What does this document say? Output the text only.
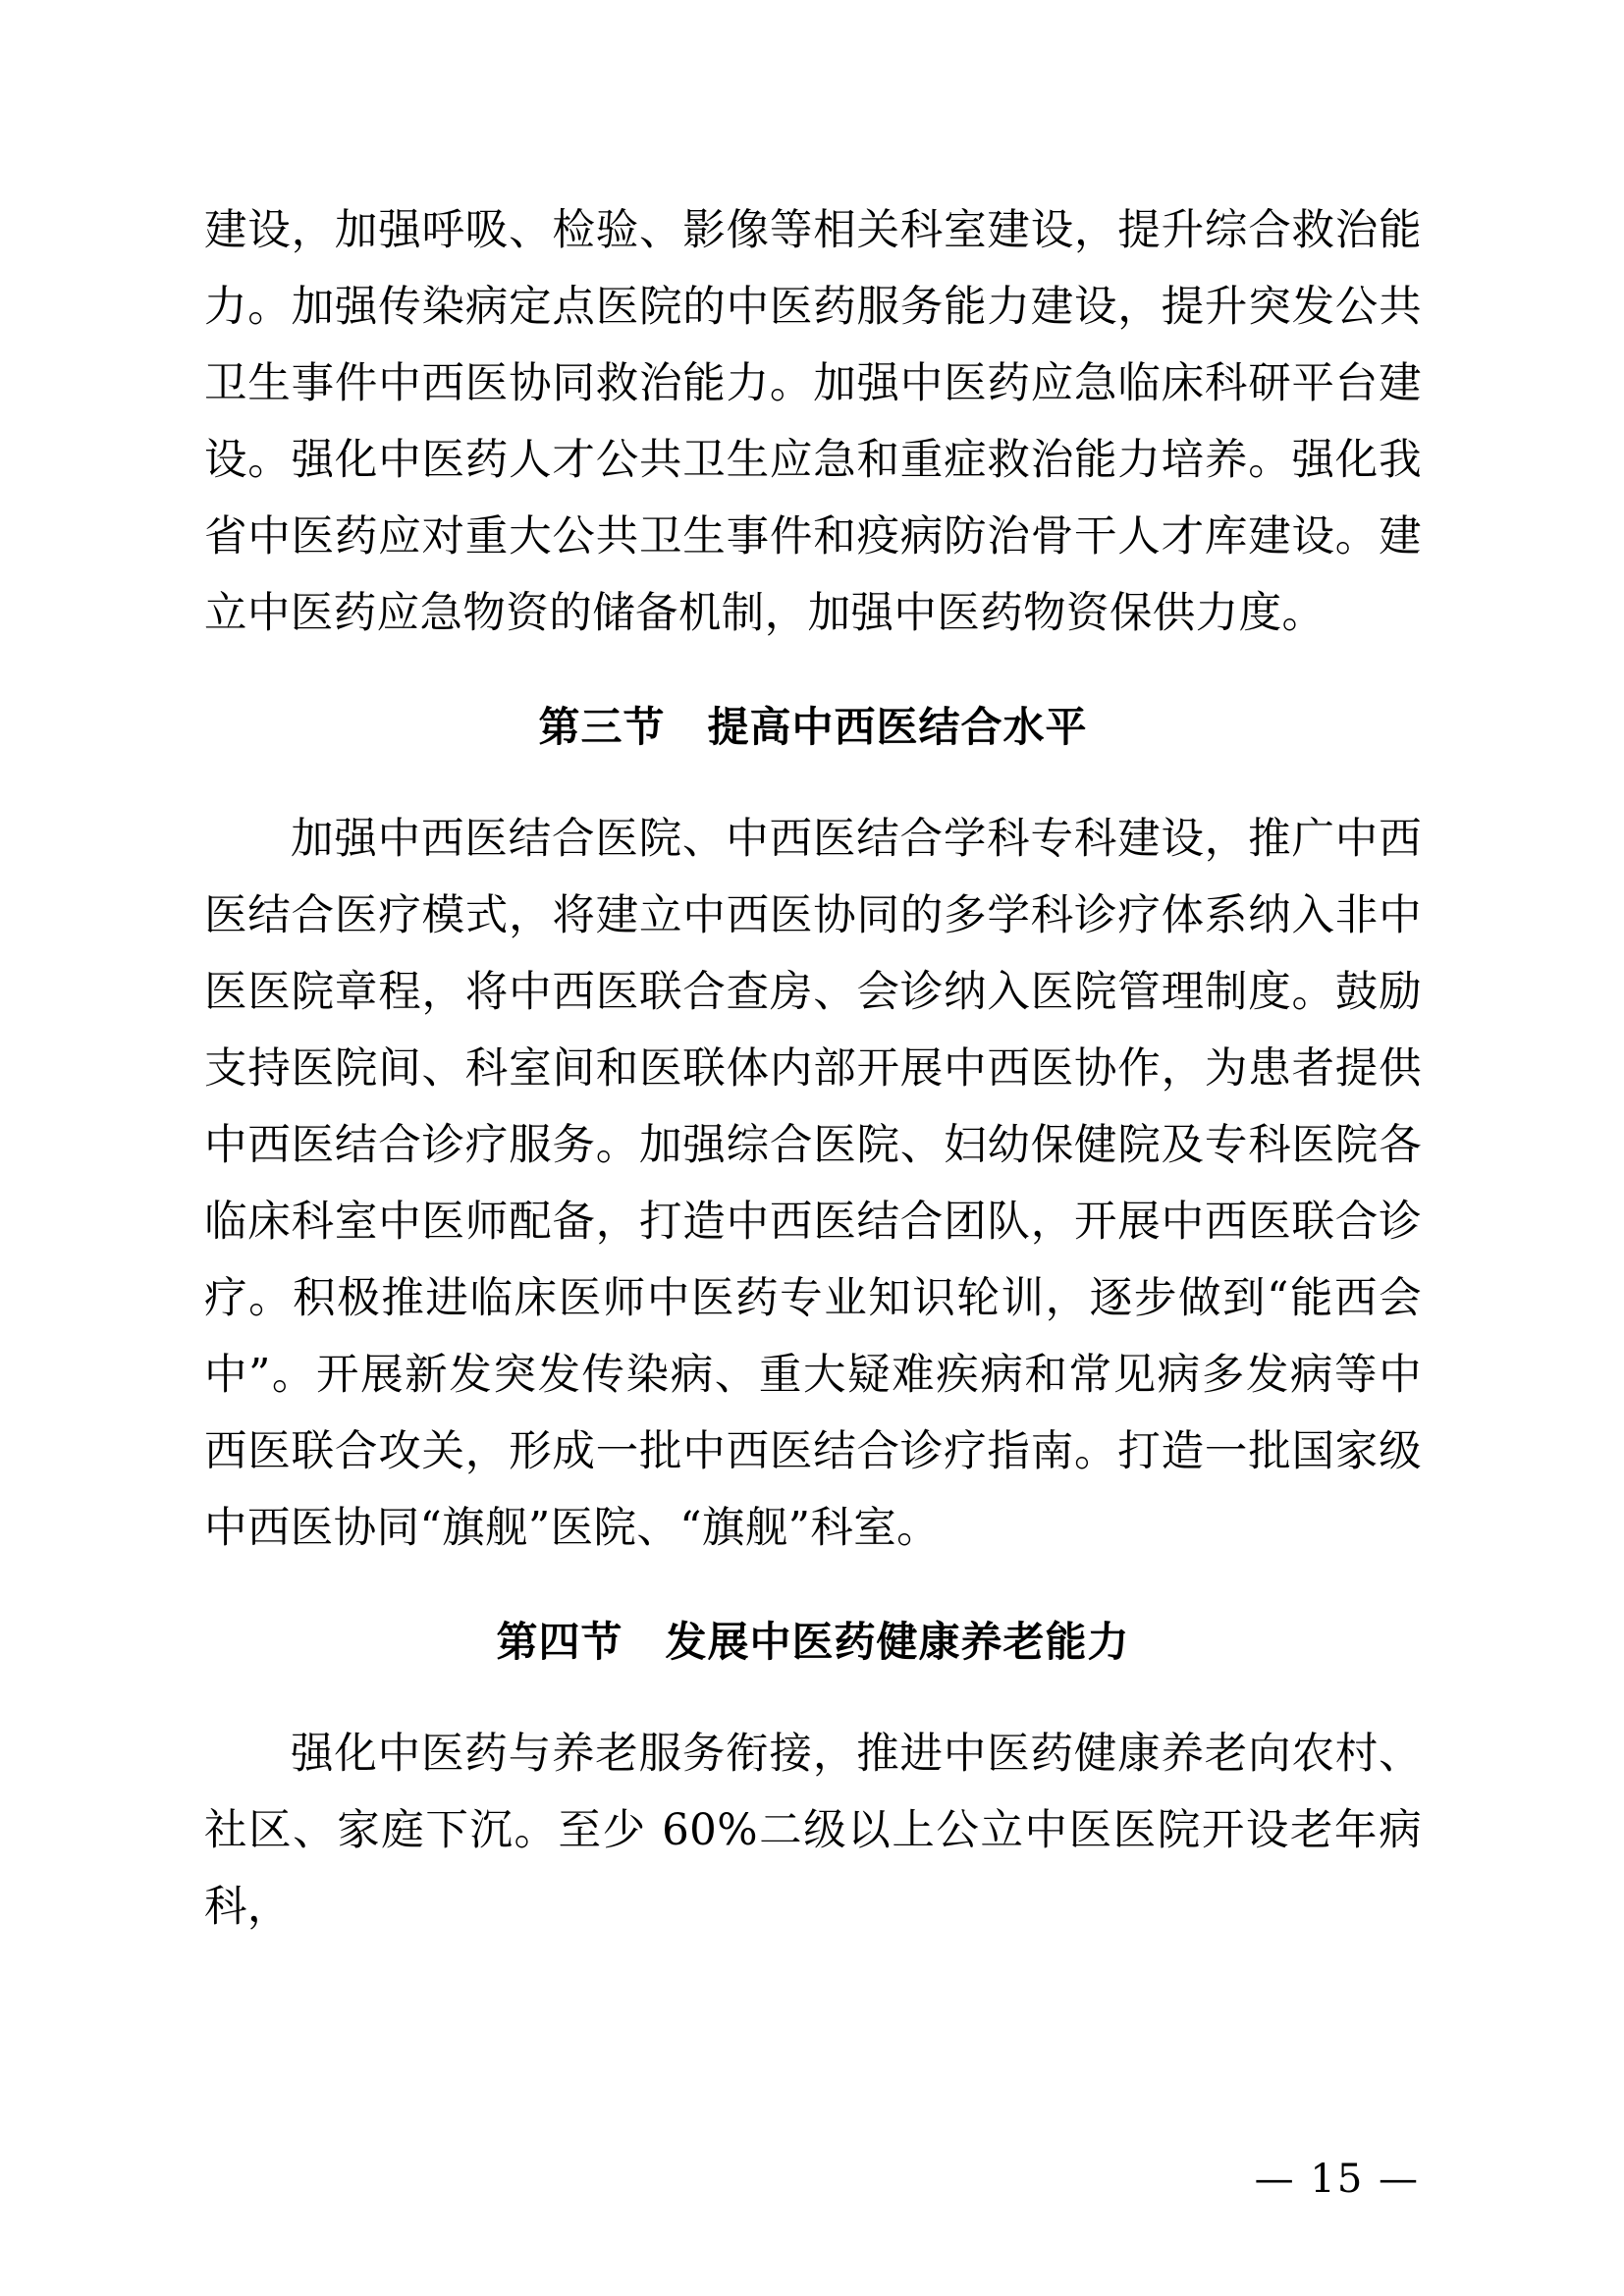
建设，加强呼吸、检验、影像等相关科室建设，提升综合救治能力。加强传染病定点医院的中医药服务能力建设，提升突发公共卫生事件中西医协同救治能力。加强中医药应急临床科研平台建设。强化中医药人才公共卫生应急和重症救治能力培养。强化我省中医药应对重大公共卫生事件和疫病防治骨干人才库建设。建立中医药应急物资的储备机制，加强中医药物资保供力度。

第三节　提高中西医结合水平

加强中西医结合医院、中西医结合学科专科建设，推广中西医结合医疗模式，将建立中西医协同的多学科诊疗体系纳入非中医医院章程，将中西医联合查房、会诊纳入医院管理制度。鼓励支持医院间、科室间和医联体内部开展中西医协作，为患者提供中西医结合诊疗服务。加强综合医院、妇幼保健院及专科医院各临床科室中医师配备，打造中西医结合团队，开展中西医联合诊疗。积极推进临床医师中医药专业知识轮训，逐步做到“能西会中”。开展新发突发传染病、重大疑难疾病和常见病多发病等中西医联合攻关，形成一批中西医结合诊疗指南。打造一批国家级中西医协同“旗舰”医院、“旗舰”科室。

第四节　发展中医药健康养老能力

强化中医药与养老服务衔接，推进中医药健康养老向农村、社区、家庭下沉。至少 60%二级以上公立中医医院开设老年病科，

— 15 —
